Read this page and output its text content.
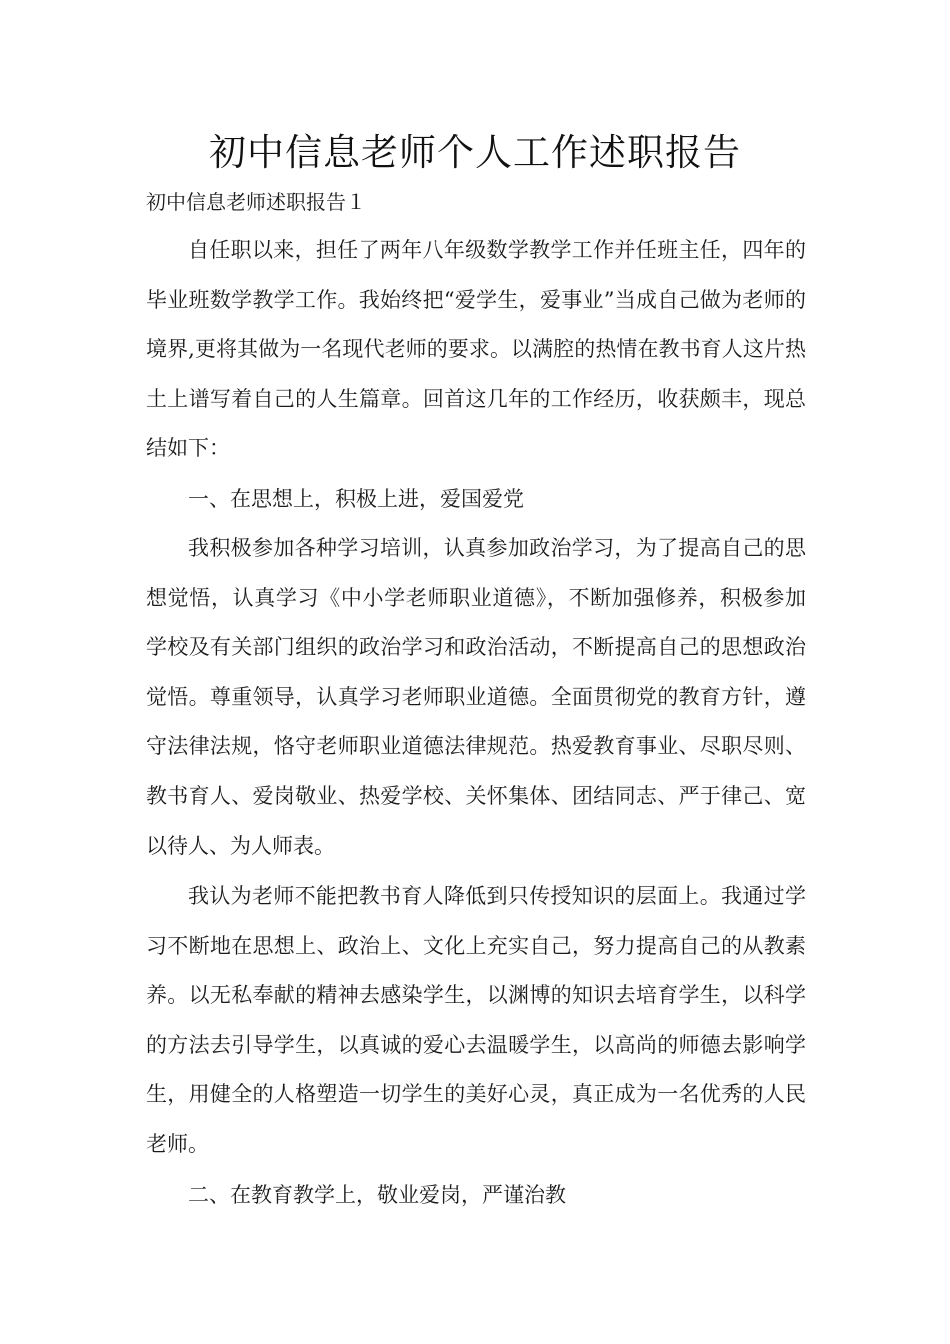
初中信息老师个人工作述职报告

初中信息老师述职报告１

自任职以来，担任了两年八年级数学教学工作并任班主任，四年的毕业班数学教学工作。我始终把“爱学生，爱事业”当成自己做为老师的境界,更将其做为一名现代老师的要求。以满腔的热情在教书育人这片热土上谱写着自己的人生篇章。回首这几年的工作经历，收获颇丰，现总结如下：

一、在思想上，积极上进，爱国爱党

我积极参加各种学习培训，认真参加政治学习，为了提高自己的思想觉悟，认真学习《中小学老师职业道德》，不断加强修养，积极参加学校及有关部门组织的政治学习和政治活动，不断提高自己的思想政治觉悟。尊重领导，认真学习老师职业道德。全面贯彻党的教育方针，遵守法律法规，恪守老师职业道德法律规范。热爱教育事业、尽职尽则、教书育人、爱岗敬业、热爱学校、关怀集体、团结同志、严于律己、宽以待人、为人师表。

我认为老师不能把教书育人降低到只传授知识的层面上。我通过学习不断地在思想上、政治上、文化上充实自己，努力提高自己的从教素养。以无私奉献的精神去感染学生，以渊博的知识去培育学生，以科学的方法去引导学生，以真诚的爱心去温暖学生，以高尚的师德去影响学生，用健全的人格塑造一切学生的美好心灵，真正成为一名优秀的人民老师。

二、在教育教学上，敬业爱岗，严谨治教
